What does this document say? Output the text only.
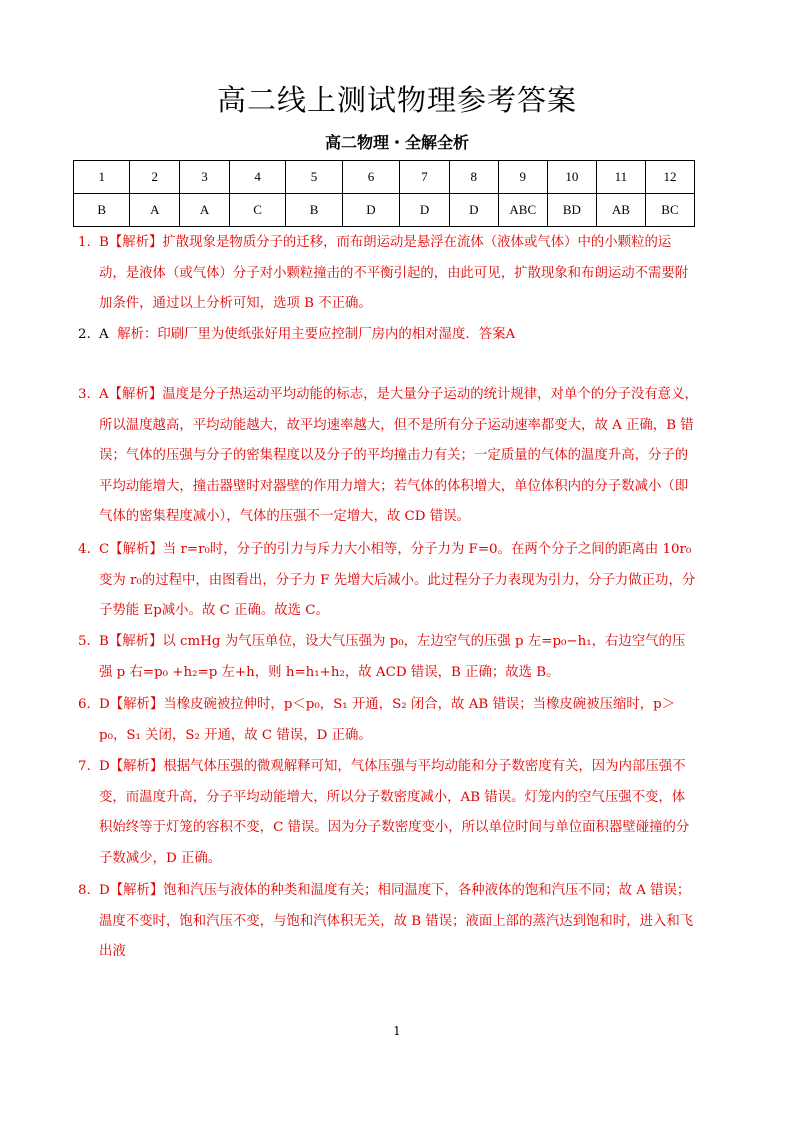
高二线上测试物理参考答案
高二物理・全解全析
1	2	3	4	5	6	7	8	9	10	11	12
B	A	A	C	B	D	D	D	ABC	BD	AB	BC
1. B【解析】扩散现象是物质分子的迁移，而布朗运动是悬浮在流体（液体或气体）中的小颗粒的运动，是液体（或气体）分子对小颗粒撞击的不平衡引起的，由此可见，扩散现象和布朗运动不需要附加条件，通过以上分析可知，选项 B 不正确。
2. A 解析：印刷厂里为使纸张好用主要应控制厂房内的相对湿度．答案A
3. A【解析】温度是分子热运动平均动能的标志，是大量分子运动的统计规律，对单个的分子没有意义，所以温度越高，平均动能越大，故平均速率越大，但不是所有分子运动速率都变大，故 A 正确，B 错误；气体的压强与分子的密集程度以及分子的平均撞击力有关；一定质量的气体的温度升高，分子的平均动能增大，撞击器壁时对器壁的作用力增大；若气体的体积增大，单位体积内的分子数减小（即气体的密集程度减小），气体的压强不一定增大，故 CD 错误。
4. C【解析】当 r=r₀时，分子的引力与斥力大小相等，分子力为 F=0。在两个分子之间的距离由 10r₀变为 r₀的过程中，由图看出，分子力 F 先增大后减小。此过程分子力表现为引力，分子力做正功，分子势能 Ep减小。故 C 正确。故选 C。
5. B【解析】以 cmHg 为气压单位，设大气压强为 p₀，左边空气的压强 p 左=p₀−h₁，右边空气的压强 p 右=p₀ +h₂=p 左+h，则 h=h₁+h₂，故 ACD 错误，B 正确；故选 B。
6. D【解析】当橡皮碗被拉伸时，p＜p₀，S₁ 开通，S₂ 闭合，故 AB 错误；当橡皮碗被压缩时，p＞p₀，S₁ 关闭，S₂ 开通，故 C 错误，D 正确。
7. D【解析】根据气体压强的微观解释可知，气体压强与平均动能和分子数密度有关，因为内部压强不变，而温度升高，分子平均动能增大，所以分子数密度减小，AB 错误。灯笼内的空气压强不变，体积始终等于灯笼的容积不变，C 错误。因为分子数密度变小，所以单位时间与单位面积器壁碰撞的分子数减少，D 正确。
8. D【解析】饱和汽压与液体的种类和温度有关；相同温度下，各种液体的饱和汽压不同；故 A 错误；温度不变时，饱和汽压不变，与饱和汽体积无关，故 B 错误；液面上部的蒸汽达到饱和时，进入和飞出液
1
